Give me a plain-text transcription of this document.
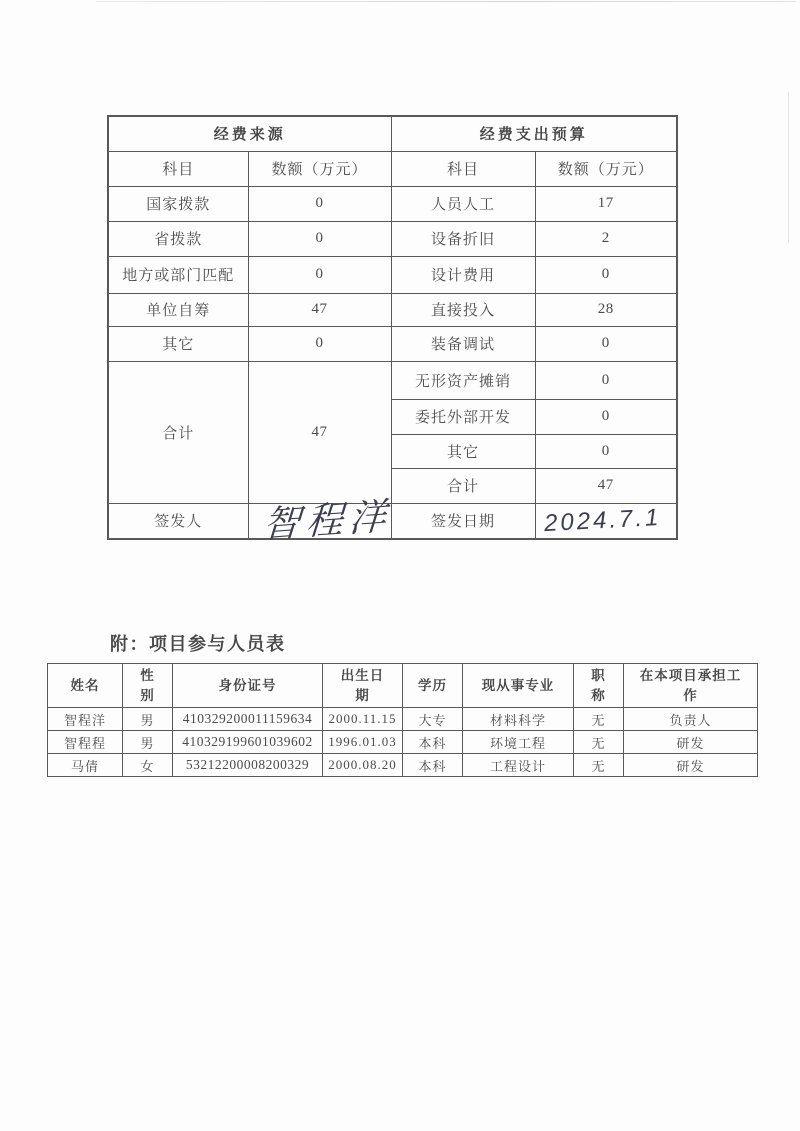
经费来源		经费支出预算	
科目	数额（万元）	科目	数额（万元）
国家拨款	0	人员人工	17
省拨款	0	设备折旧	2
地方或部门匹配	0	设计费用	0
单位自筹	47	直接投入	28
其它	0	装备调试	0
合计	47	无形资产摊销	0
		委托外部开发	0
		其它	0
		合计	47
签发人	智程洋	签发日期	2024.7.1
附：项目参与人员表
姓名	性别	身份证号	出生日期	学历	现从事专业	职称	在本项目承担工作
智程洋	男	410329200011159634	2000.11.15	大专	材料科学	无	负责人
智程程	男	410329199601039602	1996.01.03	本科	环境工程	无	研发
马倩	女	53212200008200329	2000.08.20	本科	工程设计	无	研发
